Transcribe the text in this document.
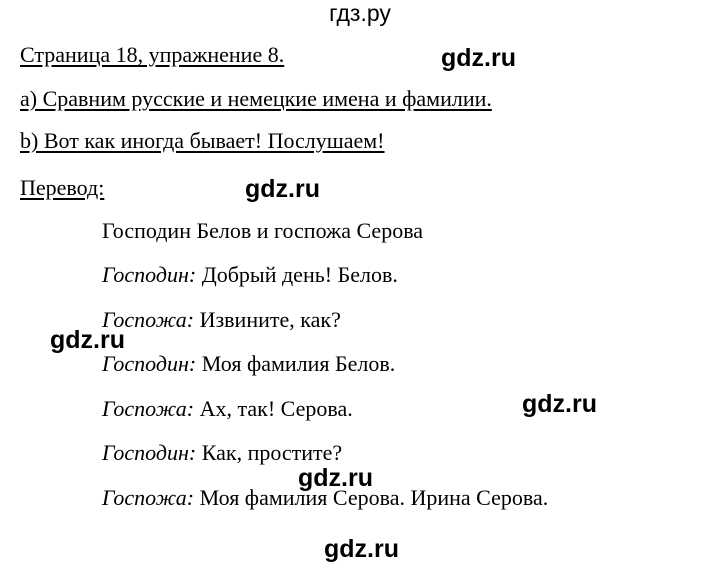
гдз.ру
Страница 18, упражнение 8.
а) Сравним русские и немецкие имена и фамилии.
b) Вот как иногда бывает! Послушаем!
Перевод:
Господин Белов и госпожа Серова
Господин: Добрый день! Белов.
Госпожа: Извините, как?
Господин: Моя фамилия Белов.
Госпожа: Ах, так! Серова.
Господин: Как, простите?
Госпожа: Моя фамилия Серова. Ирина Серова.
gdz.ru
gdz.ru
gdz.ru
gdz.ru
gdz.ru
gdz.ru
